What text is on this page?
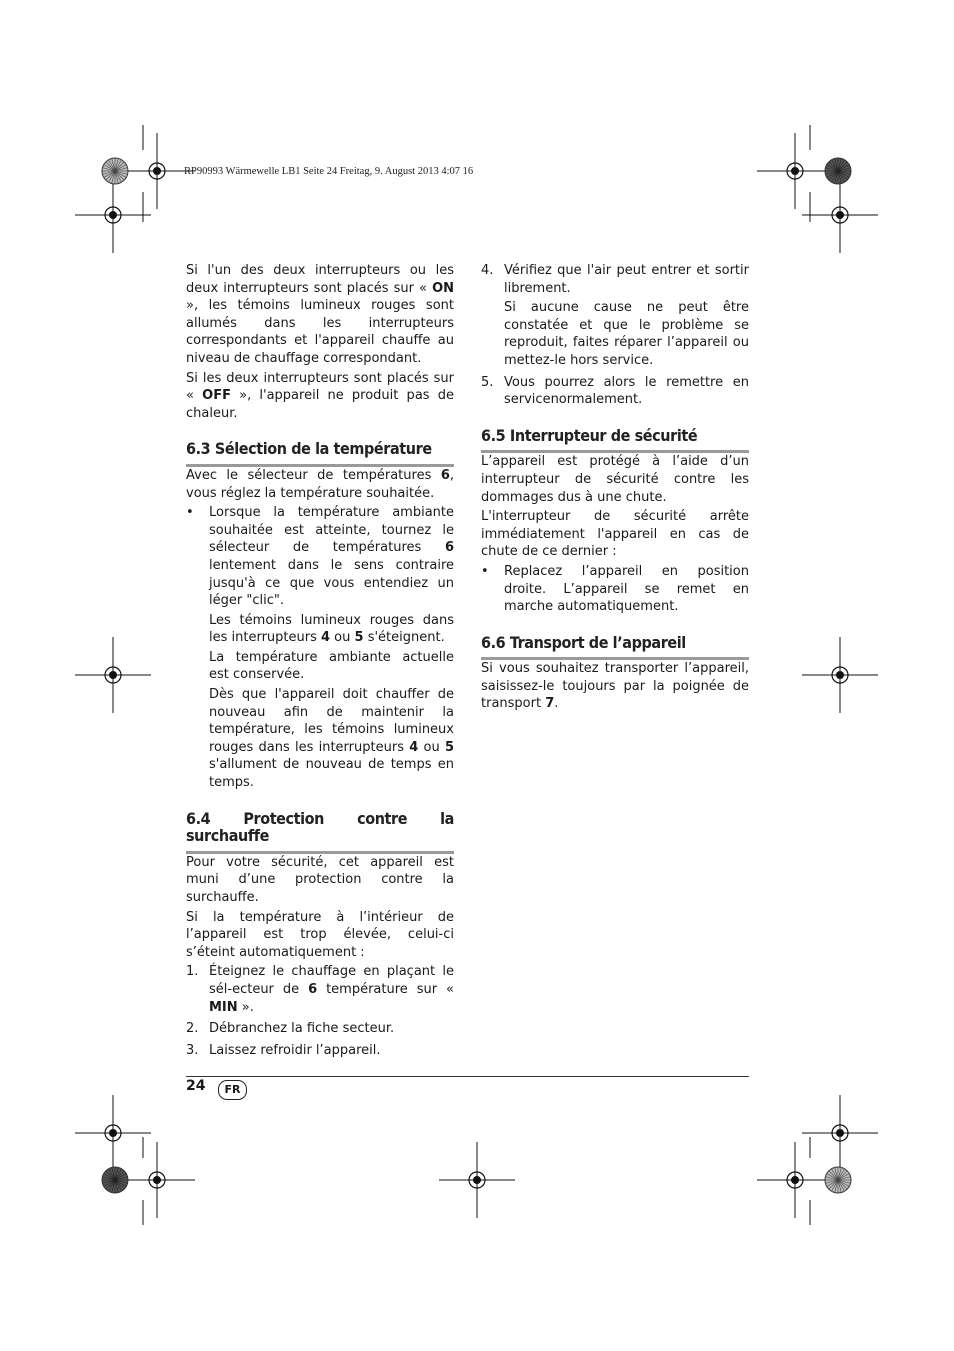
RP90993 Wärmewelle LB1 Seite 24 Freitag, 9. August 2013 4:07 16

Si l'un des deux interrupteurs ou les deux interrupteurs sont placés sur « ON », les témoins lumineux rouges sont allumés dans les interrupteurs correspondants et l'appareil chauffe au niveau de chauffage correspondant.

Si les deux interrupteurs sont placés sur « OFF », l'appareil ne produit pas de chaleur.

6.3 Sélection de la température

Avec le sélecteur de températures 6, vous réglez la température souhaitée.

• Lorsque la température ambiante souhaitée est atteinte, tournez le sélecteur de températures 6 lentement dans le sens contraire jusqu'à ce que vous entendiez un léger "clic".

Les témoins lumineux rouges dans les interrupteurs 4 ou 5 s'éteignent.

La température ambiante actuelle est conservée.

Dès que l'appareil doit chauffer de nouveau afin de maintenir la température, les témoins lumineux rouges dans les interrupteurs 4 ou 5 s'allument de nouveau de temps en temps.

6.4 Protection contre la surchauffe

Pour votre sécurité, cet appareil est muni d’une protection contre la surchauffe.

Si la température à l’intérieur de l’appareil est trop élevée, celui-ci s’éteint automatiquement :

1. Éteignez le chauffage en plaçant le sél-ecteur de 6 température sur « MIN ».
2. Débranchez la fiche secteur.
3. Laissez refroidir l’appareil.
4. Vérifiez que l'air peut entrer et sortir librement.

Si aucune cause ne peut être constatée et que le problème se reproduit, faites réparer l’appareil ou mettez-le hors service.

5. Vous pourrez alors le remettre en servicenormalement.
6.5 Interrupteur de sécurité

L’appareil est protégé à l’aide d’un interrupteur de sécurité contre les dommages dus à une chute.

L'interrupteur de sécurité arrête immédiatement l'appareil en cas de chute de ce dernier :

• Replacez l’appareil en position droite. L’appareil se remet en marche automatiquement.
6.6 Transport de l’appareil

Si vous souhaitez transporter l’appareil, saisissez-le toujours par la poignée de transport 7.

24	FR
